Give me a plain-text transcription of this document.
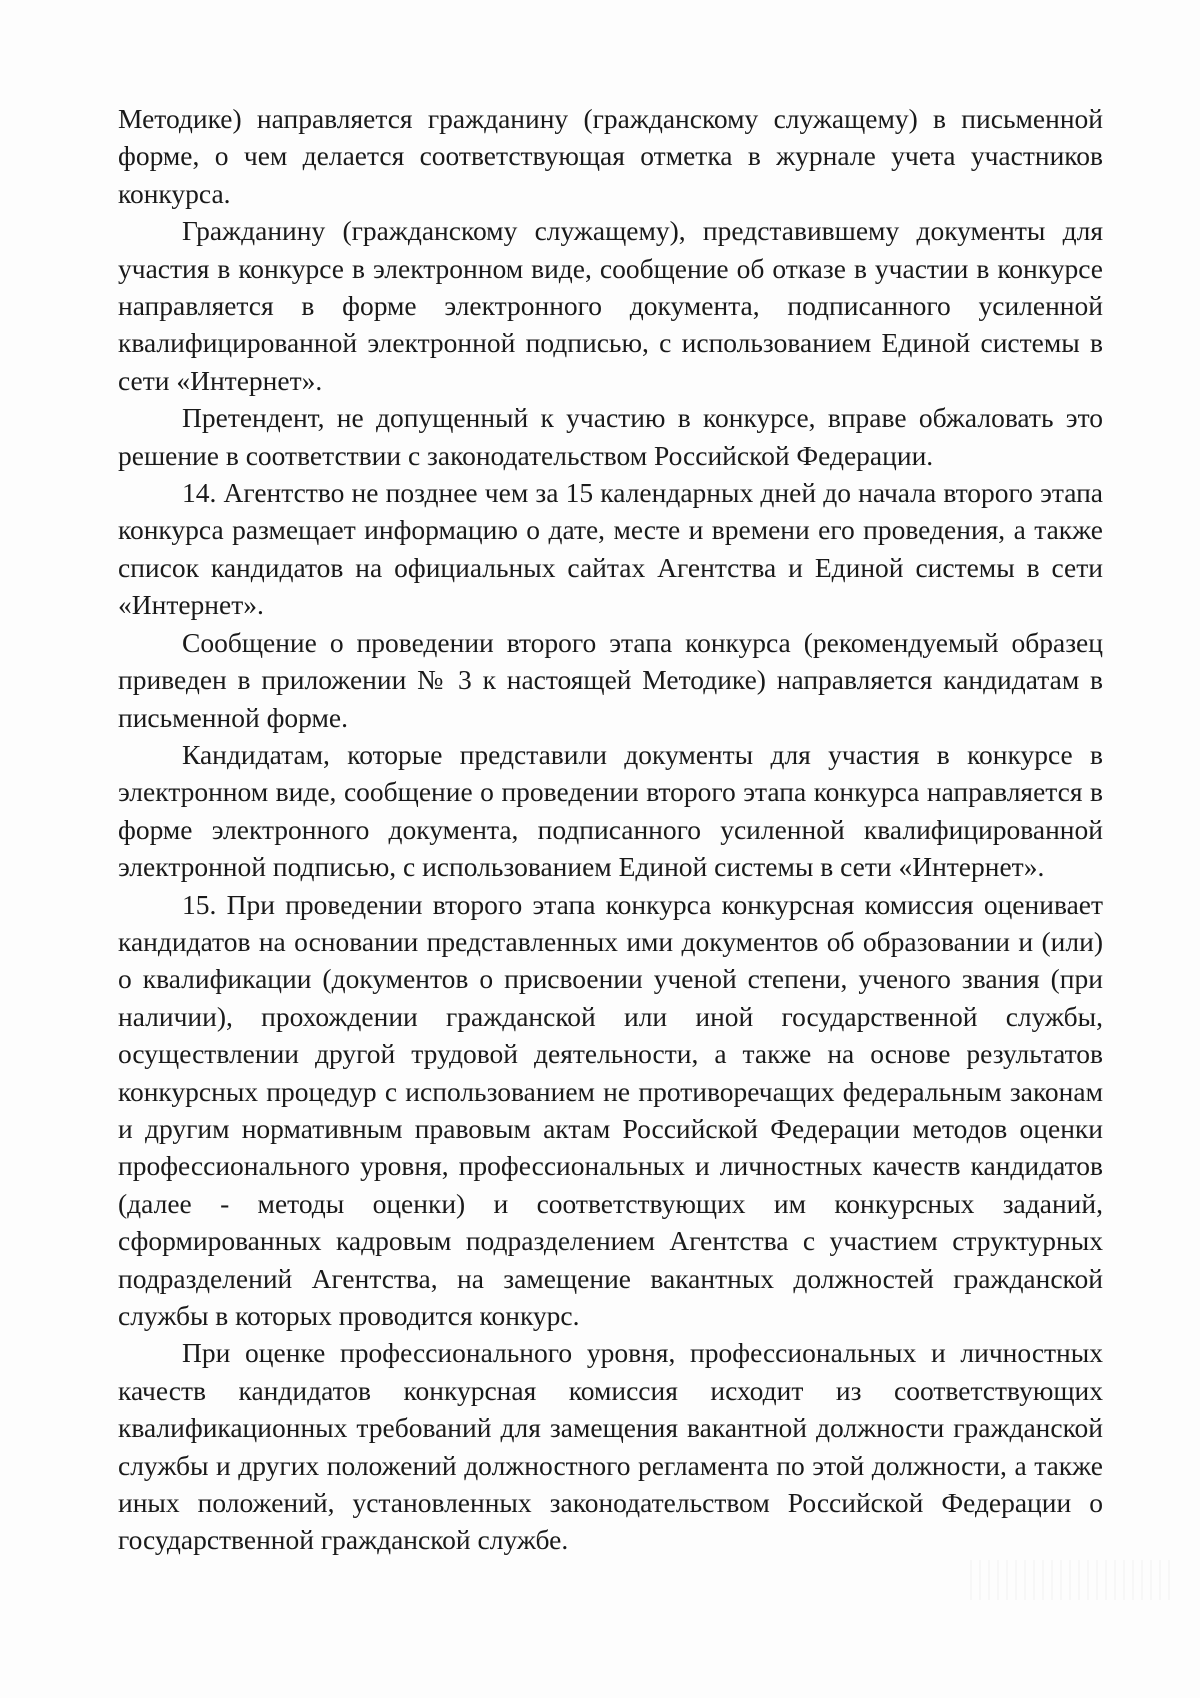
Методике) направляется гражданину (гражданскому служащему) в письменной форме, о чем делается соответствующая отметка в журнале учета участников конкурса.

Гражданину (гражданскому служащему), представившему документы для участия в конкурсе в электронном виде, сообщение об отказе в участии в конкурсе направляется в форме электронного документа, подписанного усиленной квалифицированной электронной подписью, с использованием Единой системы в сети «Интернет».

Претендент, не допущенный к участию в конкурсе, вправе обжаловать это решение в соответствии с законодательством Российской Федерации.

14. Агентство не позднее чем за 15 календарных дней до начала второго этапа конкурса размещает информацию о дате, месте и времени его проведения, а также список кандидатов на официальных сайтах Агентства и Единой системы в сети «Интернет».

Сообщение о проведении второго этапа конкурса (рекомендуемый образец приведен в приложении № 3 к настоящей Методике) направляется кандидатам в письменной форме.

Кандидатам, которые представили документы для участия в конкурсе в электронном виде, сообщение о проведении второго этапа конкурса направляется в форме электронного документа, подписанного усиленной квалифицированной электронной подписью, с использованием Единой системы в сети «Интернет».

15. При проведении второго этапа конкурса конкурсная комиссия оценивает кандидатов на основании представленных ими документов об образовании и (или) о квалификации (документов о присвоении ученой степени, ученого звания (при наличии), прохождении гражданской или иной государственной службы, осуществлении другой трудовой деятельности, а также на основе результатов конкурсных процедур с использованием не противоречащих федеральным законам и другим нормативным правовым актам Российской Федерации методов оценки профессионального уровня, профессиональных и личностных качеств кандидатов (далее - методы оценки) и соответствующих им конкурсных заданий, сформированных кадровым подразделением Агентства с участием структурных подразделений Агентства, на замещение вакантных должностей гражданской службы в которых проводится конкурс.

При оценке профессионального уровня, профессиональных и личностных качеств кандидатов конкурсная комиссия исходит из соответствующих квалификационных требований для замещения вакантной должности гражданской службы и других положений должностного регламента по этой должности, а также иных положений, установленных законодательством Российской Федерации о государственной гражданской службе.
